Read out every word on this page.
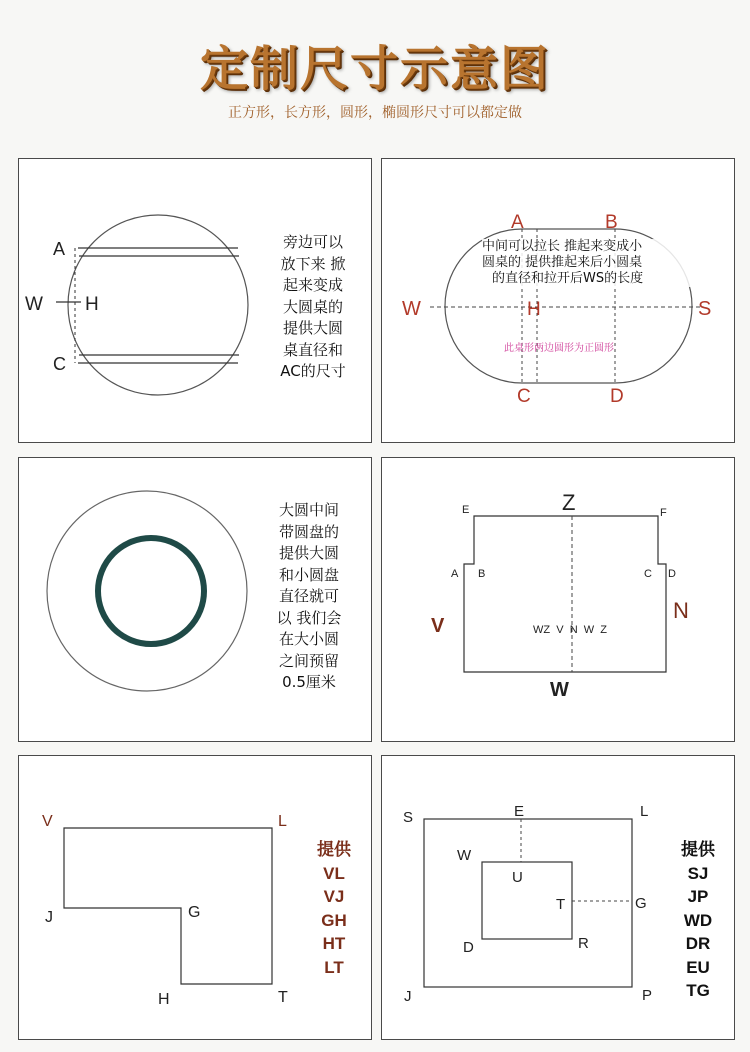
定制尺寸示意图
正方形，长方形，圆形，椭圆形尺寸可以都定做
A
W H
C
旁边可以
放下来 掀
起来变成
大圆桌的
提供大圆
桌直径和
AC的尺寸
A	B
W	H	S
C	D
此桌形两边圆形为正圆形
中间可以拉长 推起来变成小
圆桌的 提供推起来后小圆桌
的直径和拉开后WS的长度
大圆中间
带圆盘的
提供大圆
和小圆盘
直径就可
以 我们会
在大小圆
之间预留
0.5厘米
E	Z	F
A B	C D
V
N
W
WZ  V  N  W  Z
V	L
J	G
H	T
提供
VL
VJ
GH
HT
LT
S	E	L
W
U
T	G
D	R
J	P
提供
SJ
JP
WD
DR
EU
TG
